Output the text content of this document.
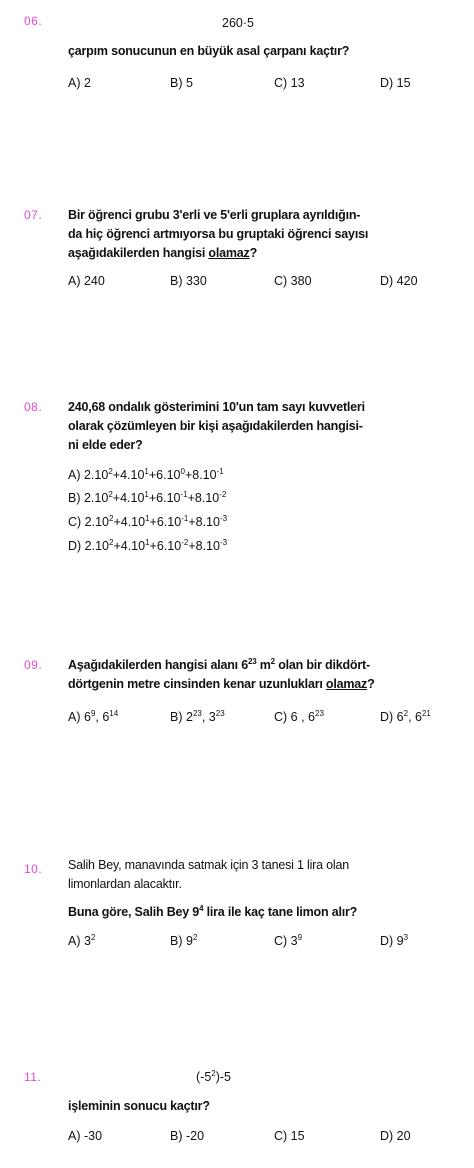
06.	260·5
çarpım sonucunun en büyük asal çarpanı kaçtır?
A) 2	B) 5	C) 13	D) 15
07. Bir öğrenci grubu 3'erli ve 5'erli gruplara ayrıldığın-
da hiç öğrenci artmıyorsa bu gruptaki öğrenci sayısı
aşağıdakilerden hangisi olamaz?
A) 240	B) 330	C) 380	D) 420
08. 240,68 ondalık gösterimini 10'un tam sayı kuvvetleri
olarak çözümleyen bir kişi aşağıdakilerden hangisi-
ni elde eder?
A) $2.10^2+4.10^1+6.10^0+8.10^{-1}$
B) $2.10^2+4.10^1+6.10^{-1}+8.10^{-2}$
C) $2.10^2+4.10^1+6.10^{-1}+8.10^{-3}$
D) $2.10^2+4.10^1+6.10^{-2}+8.10^{-3}$
09. Aşağıdakilerden hangisi alanı $6^{23}$ $m^2$ olan bir dikdört-
dörtgenin metre cinsinden kenar uzunlukları olamaz?
A) $6^9$, $6^{14}$	B) $2^{23}$, $3^{23}$	C) 6 , $6^{23}$	D) $6^2$, $6^{21}$
10. Salih Bey, manavında satmak için 3 tanesi 1 lira olan
limonlardan alacaktır.
Buna göre, Salih Bey $9^4$ lira ile kaç tane limon alır?
A) $3^2$	B) $9^2$	C) $3^9$	D) $9^3$
11.	$(-5^2)-5$
işleminin sonucu kaçtır?
A) -30	B) -20	C) 15	D) 20
